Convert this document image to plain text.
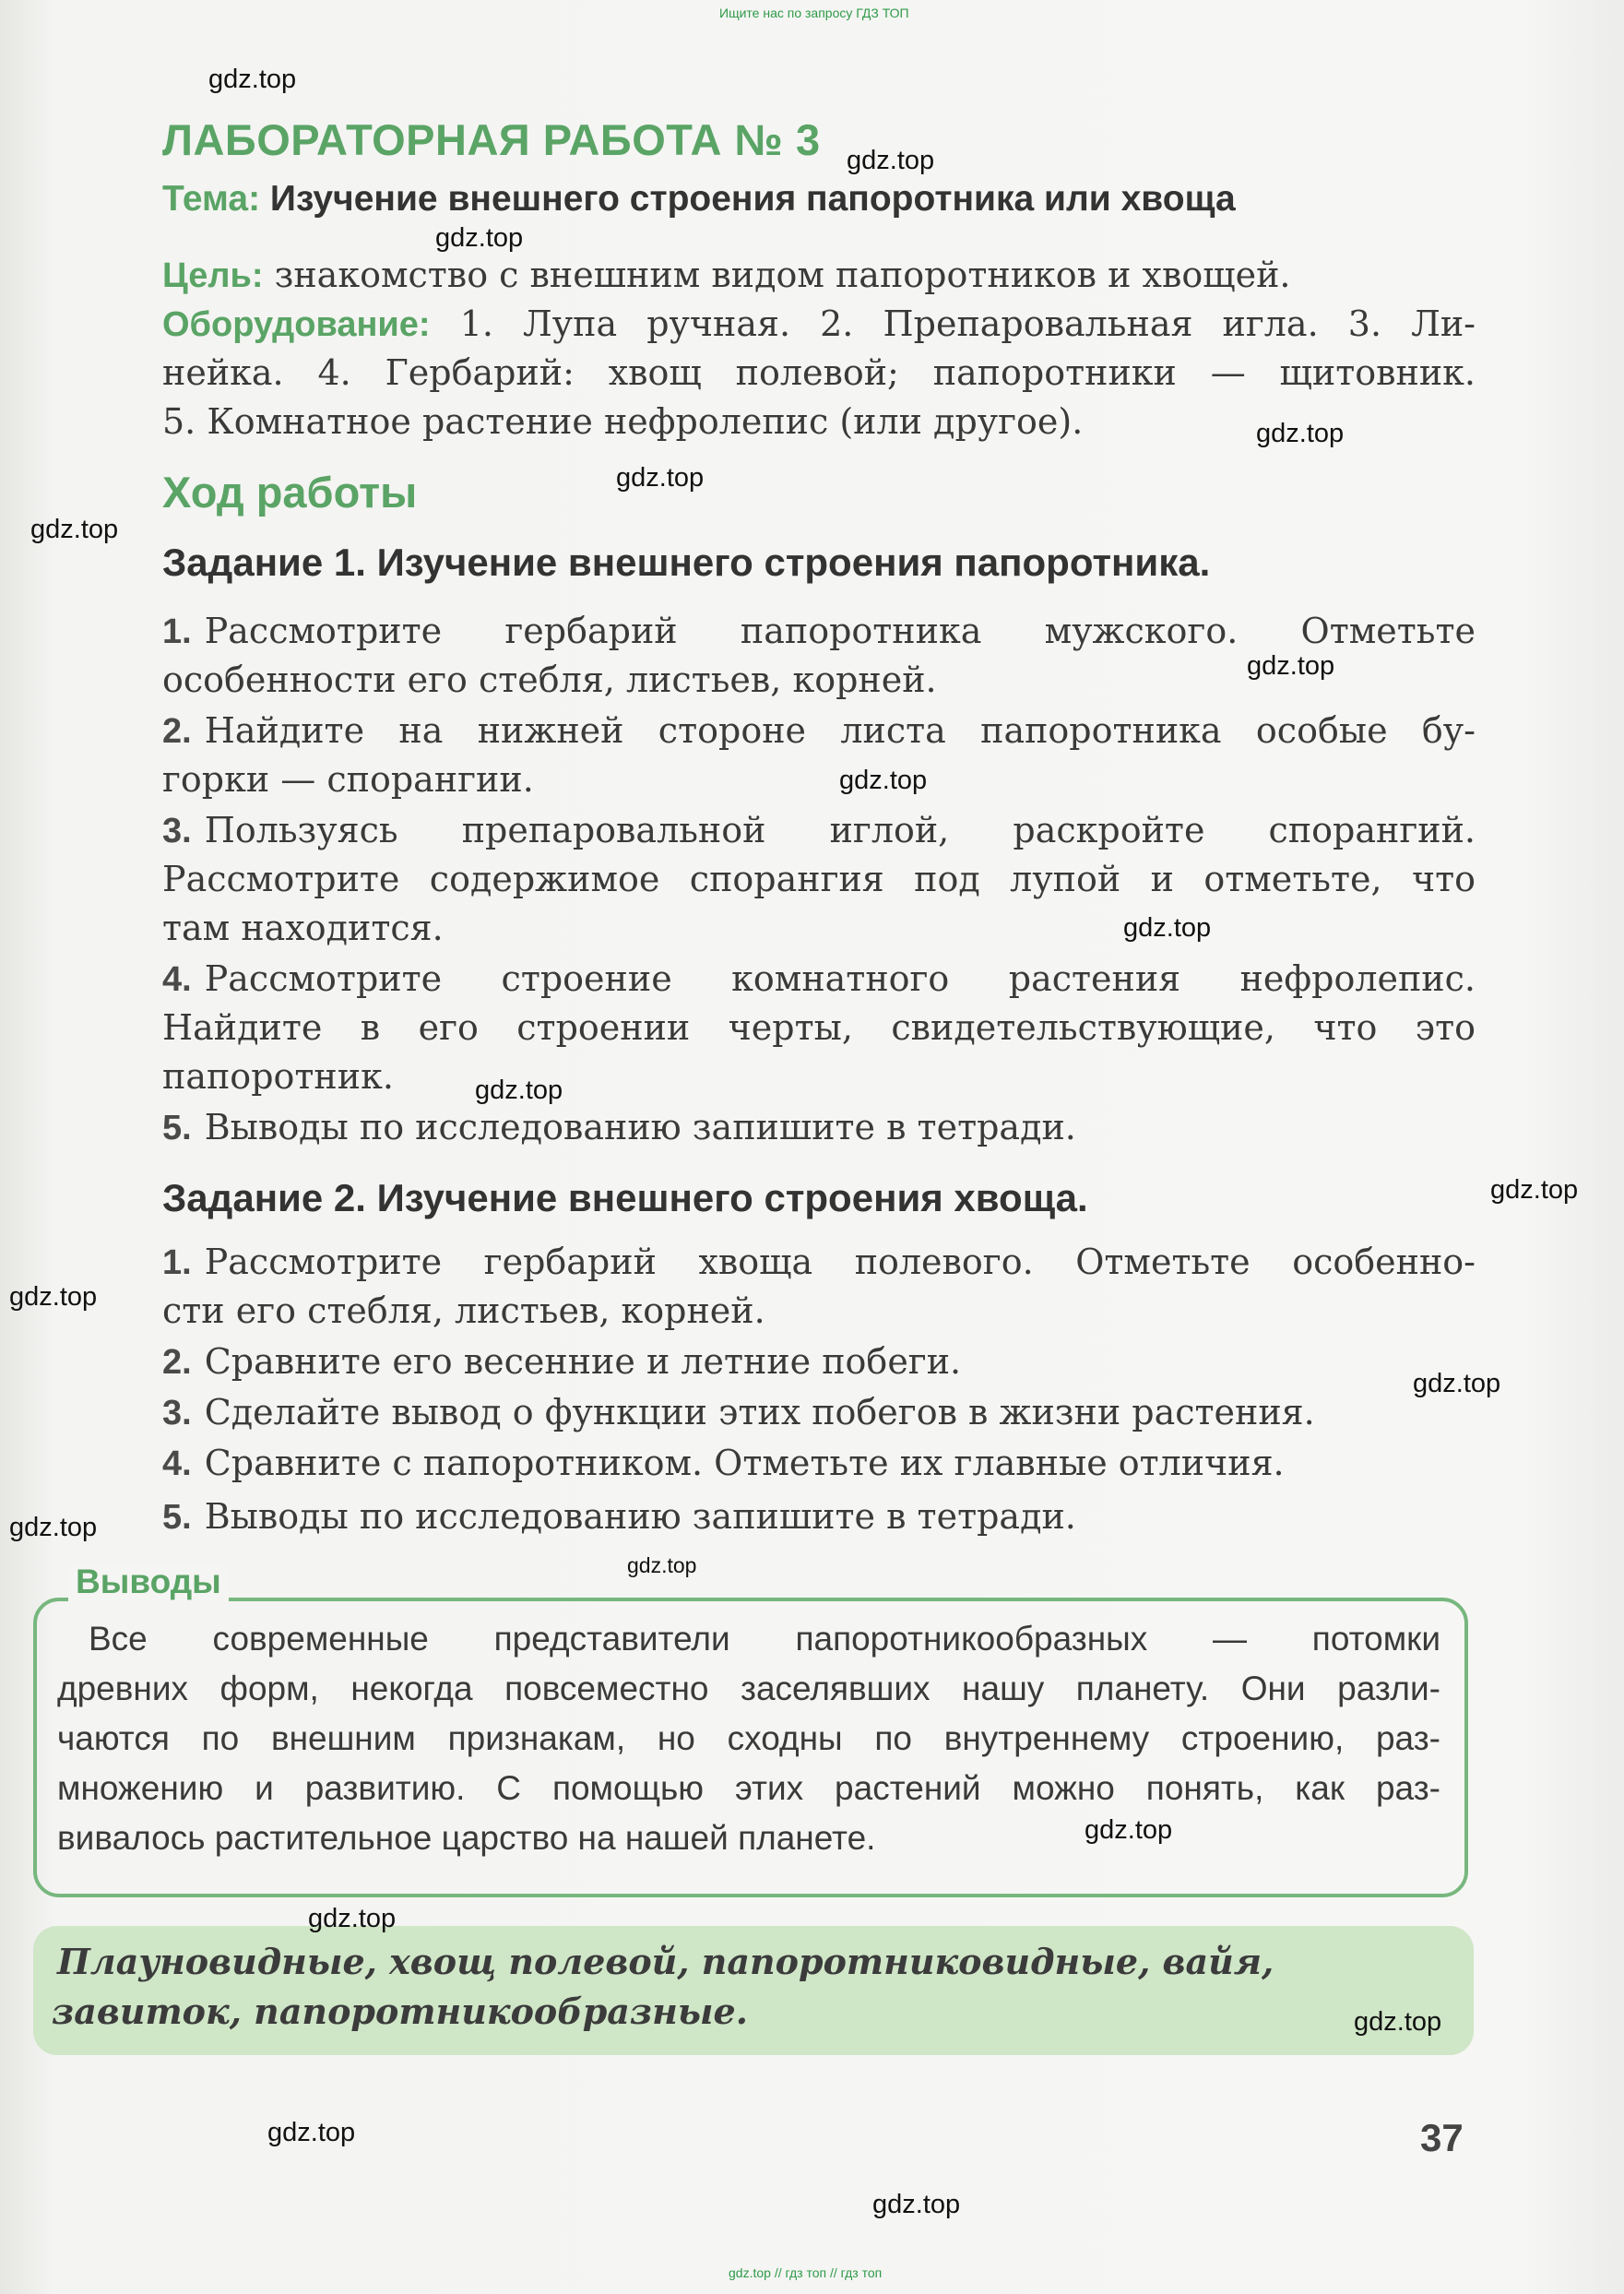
Ищите нас по запросу ГДЗ ТОП
ЛАБОРАТОРНАЯ РАБОТА № 3
Тема: Изучение внешнего строения папоротника или хвоща
Цель: знакомство с внешним видом папоротников и хвощей.
Оборудование: 1. Лупа ручная. 2. Препаровальная игла. 3. Ли-
нейка. 4. Гербарий: хвощ полевой; папоротники — щитовник.
5. Комнатное растение нефролепис (или другое).
Ход работы
Задание 1. Изучение внешнего строения папоротника.
1. Рассмотрите гербарий папоротника мужского. Отметьте
особенности его стебля, листьев, корней.
2. Найдите на нижней стороне листа папоротника особые бу-
горки — спорангии.
3. Пользуясь препаровальной иглой, раскройте спорангий.
Рассмотрите содержимое спорангия под лупой и отметьте, что
там находится.
4. Рассмотрите строение комнатного растения нефролепис.
Найдите в его строении черты, свидетельствующие, что это
папоротник.
5. Выводы по исследованию запишите в тетради.
Задание 2. Изучение внешнего строения хвоща.
1. Рассмотрите гербарий хвоща полевого. Отметьте особенно-
сти его стебля, листьев, корней.
2. Сравните его весенние и летние побеги.
3. Сделайте вывод о функции этих побегов в жизни растения.
4. Сравните с папоротником. Отметьте их главные отличия.
5. Выводы по исследованию запишите в тетради.
Выводы
Все современные представители папоротникообразных — потомки
древних форм, некогда повсеместно заселявших нашу планету. Они разли-
чаются по внешним признакам, но сходны по внутреннему строению, раз-
множению и развитию. С помощью этих растений можно понять, как раз-
вивалось растительное царство на нашей планете.
Плауновидные, хвощ полевой, папоротниковидные, вайя,
завиток, папоротникообразные.
37
gdz.top
gdz.top
gdz.top
gdz.top
gdz.top
gdz.top
gdz.top
gdz.top
gdz.top
gdz.top
gdz.top
gdz.top
gdz.top
gdz.top
gdz.top
gdz.top
gdz.top
gdz.top
gdz.top
gdz.top
gdz.top // гдз топ // гдз топ
